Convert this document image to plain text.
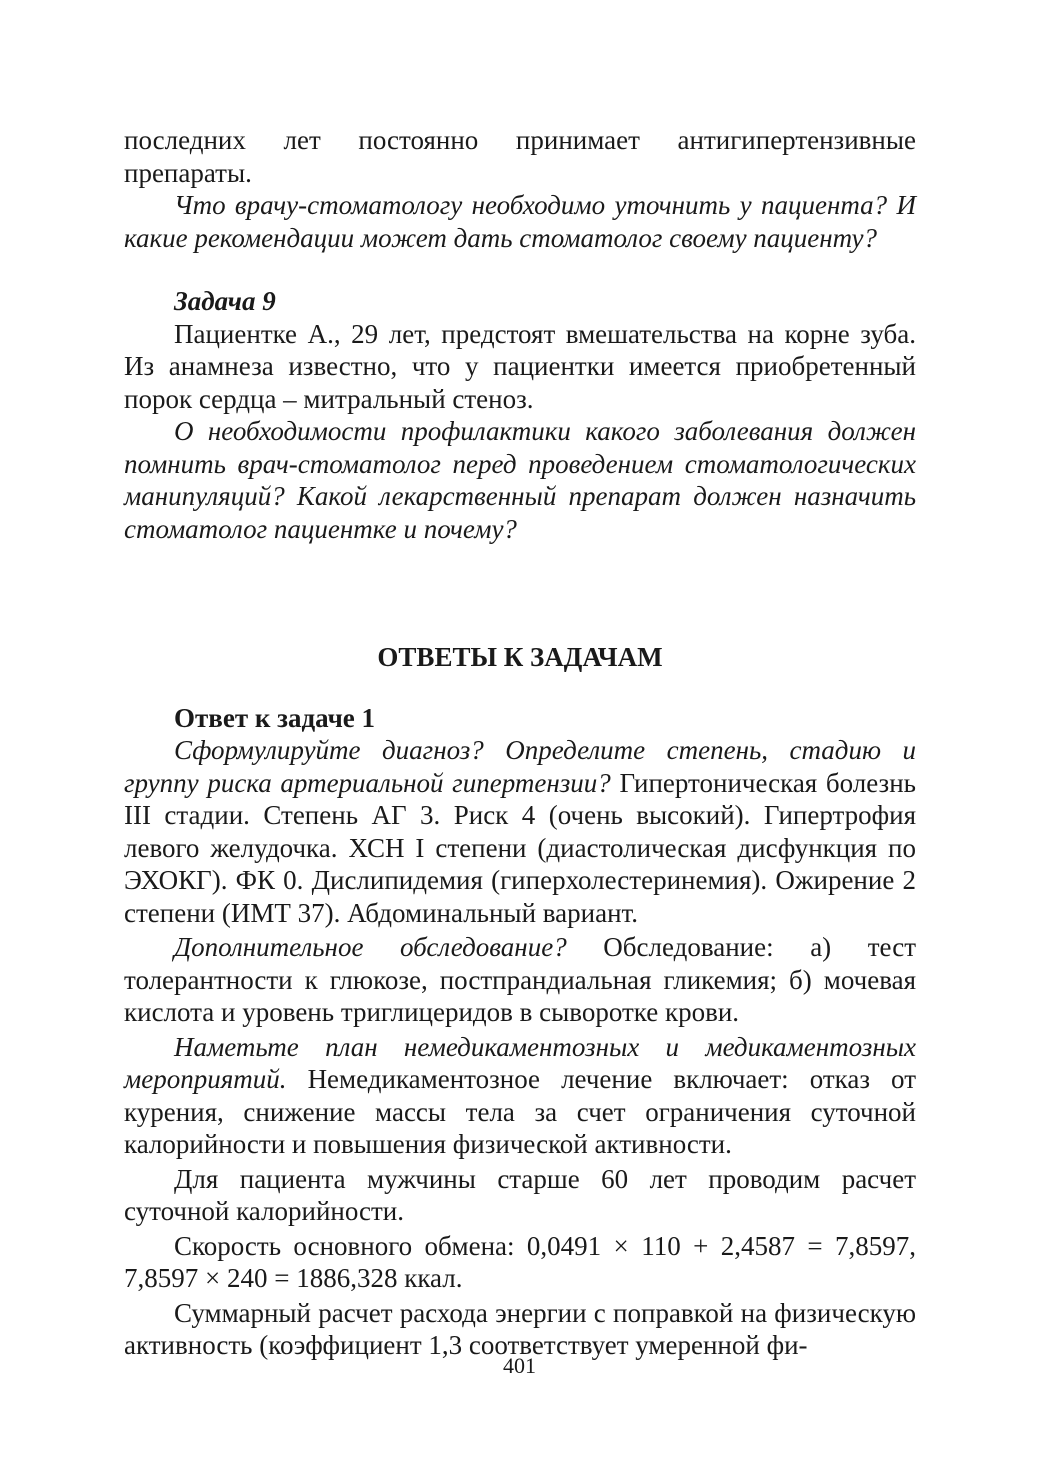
последних лет постоянно принимает антигипертензивные препараты.

Что врачу-стоматологу необходимо уточнить у пациента? И какие рекомендации может дать стоматолог своему пациенту?

Задача 9

Пациентке А., 29 лет, предстоят вмешательства на корне зуба. Из анамнеза известно, что у пациентки имеется приобретенный порок сердца – митральный стеноз.

О необходимости профилактики какого заболевания должен помнить врач-стоматолог перед проведением стоматологических манипуляций? Какой лекарственный препарат должен назначить стоматолог пациентке и почему?

ОТВЕТЫ К ЗАДАЧАМ

Ответ к задаче 1

Сформулируйте диагноз? Определите степень, стадию и группу риска артериальной гипертензии? Гипертоническая болезнь III стадии. Степень АГ 3. Риск 4 (очень высокий). Гипертрофия левого желудочка. ХСН I степени (диастолическая дисфункция по ЭХОКГ). ФК 0. Дислипидемия (гиперхолестеринемия). Ожирение 2 степени (ИМТ 37). Абдоминальный вариант.

Дополнительное обследование? Обследование: а) тест толерантности к глюкозе, постпрандиальная гликемия; б) мочевая кислота и уровень триглицеридов в сыворотке крови.

Наметьте план немедикаментозных и медикаментозных мероприятий. Немедикаментозное лечение включает: отказ от курения, снижение массы тела за счет ограничения суточной калорийности и повышения физической активности.

Для пациента мужчины старше 60 лет проводим расчет суточной калорийности.

Скорость основного обмена: 0,0491 × 110 + 2,4587 = 7,8597, 7,8597 × 240 = 1886,328 ккал.

Суммарный расчет расхода энергии с поправкой на физическую активность (коэффициент 1,3 соответствует умеренной фи-

401
